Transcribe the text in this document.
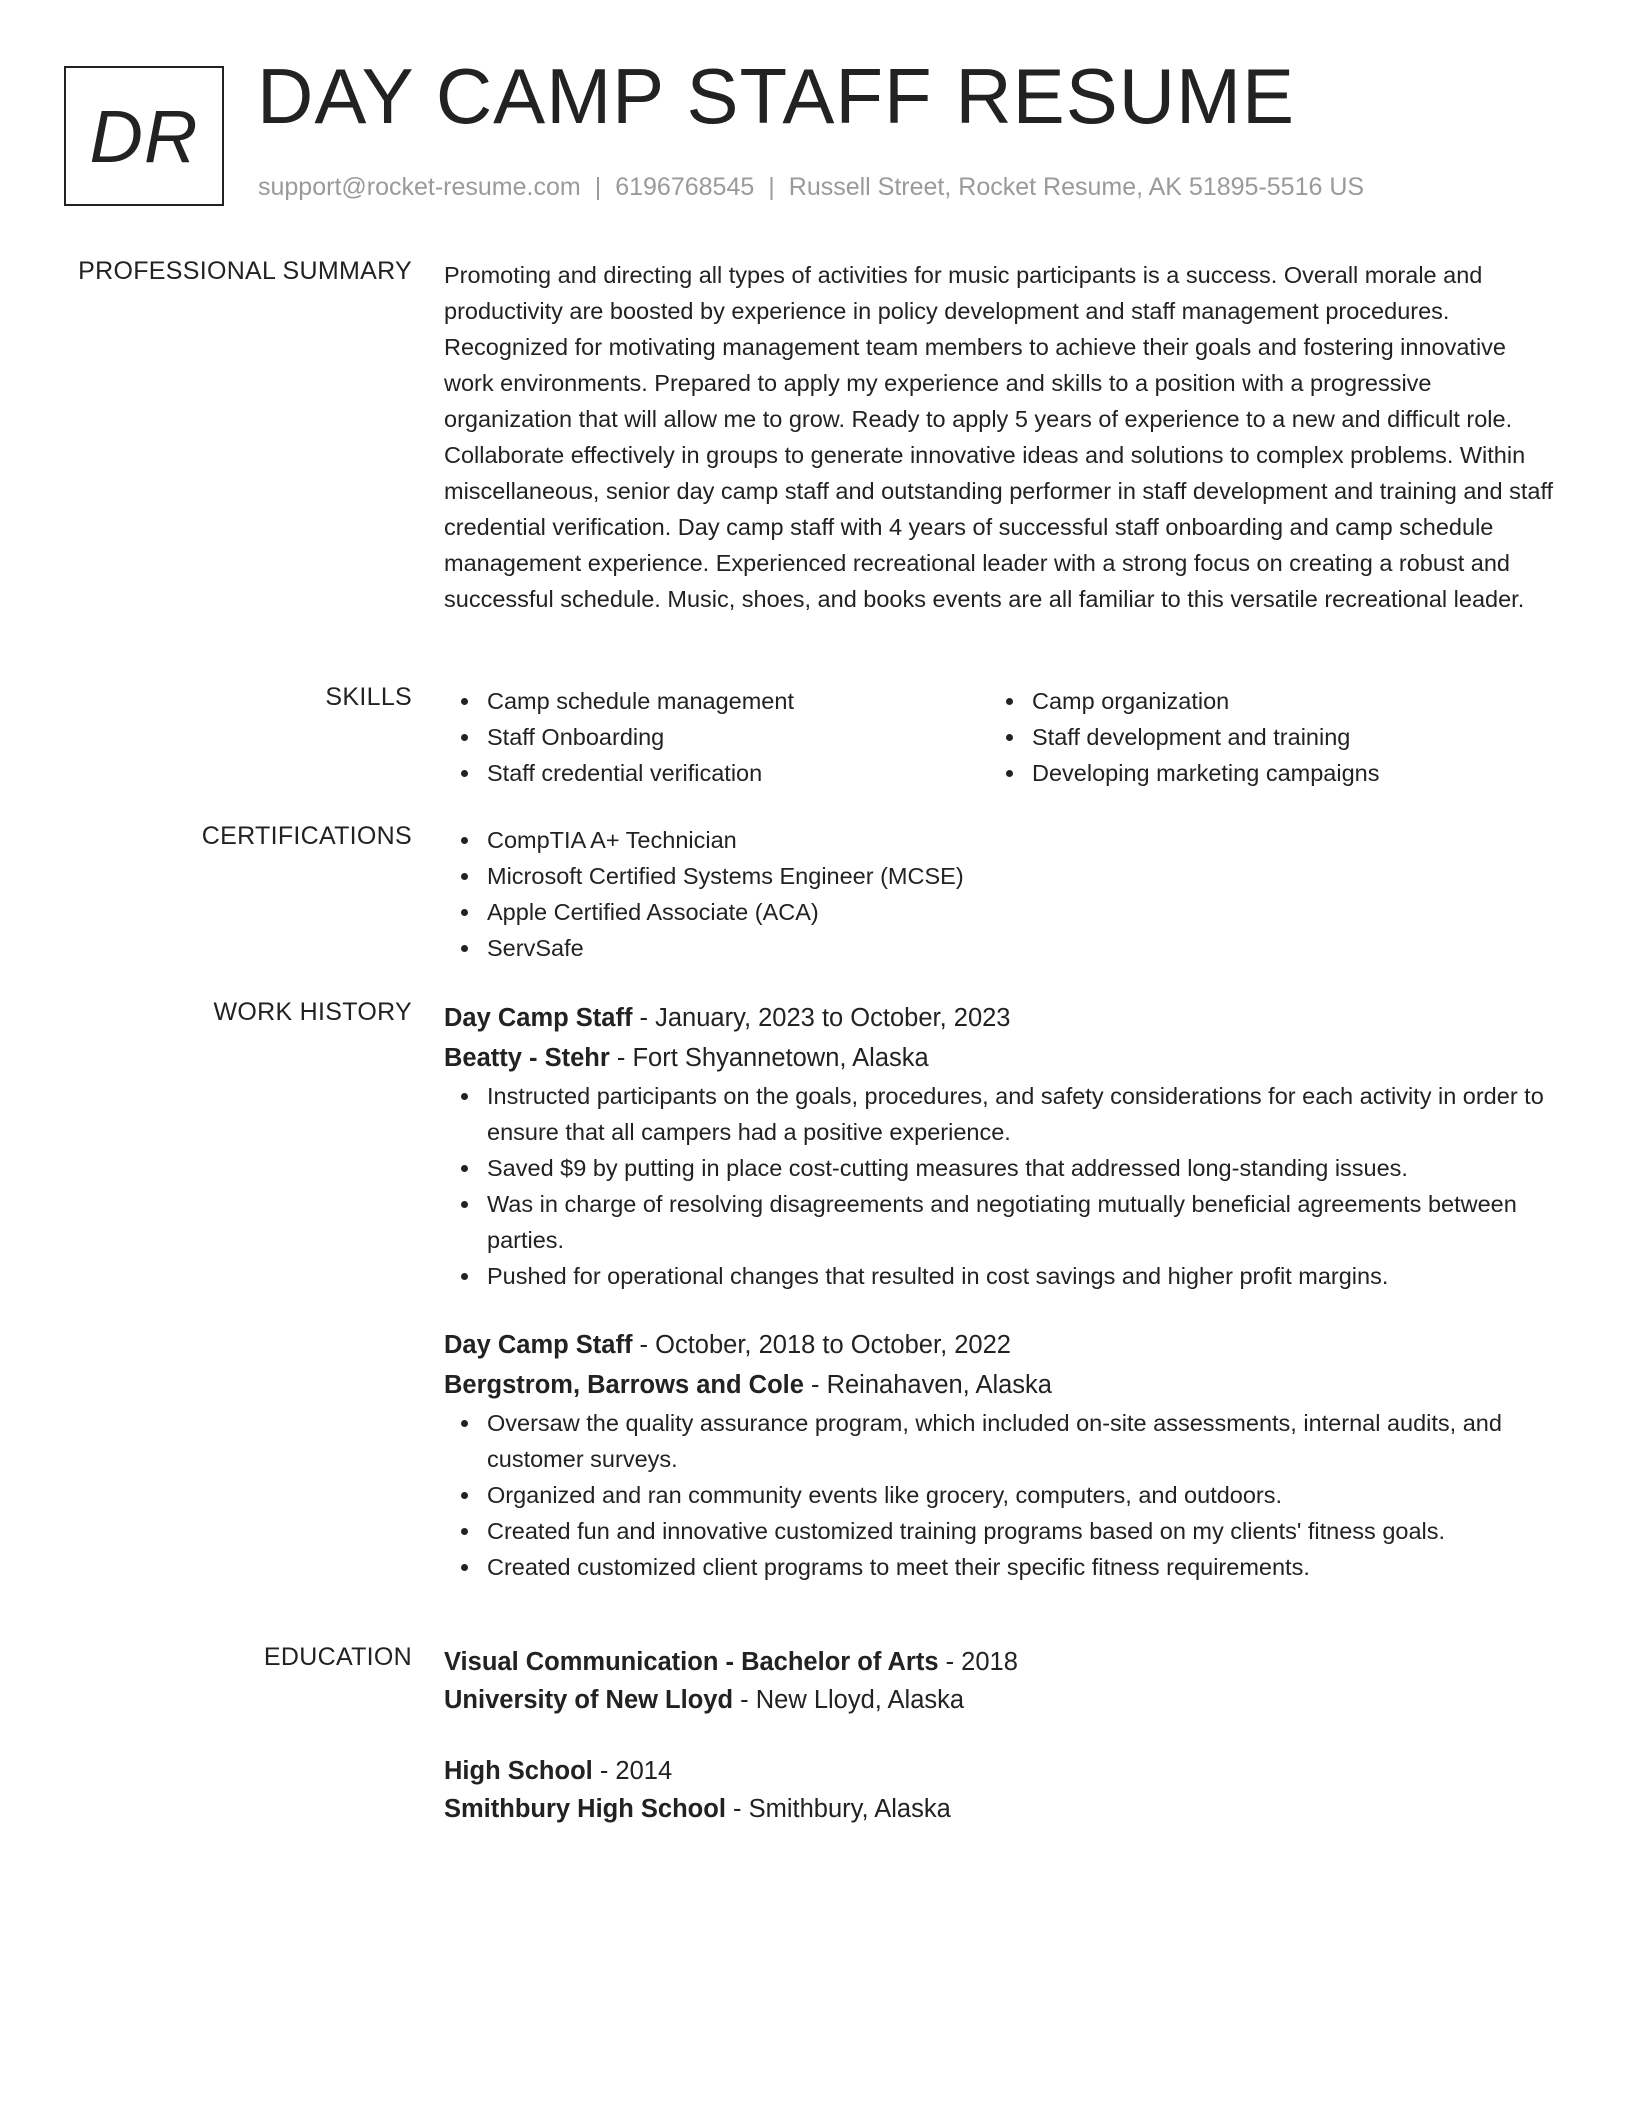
DR DAY CAMP STAFF RESUME
support@rocket-resume.com | 6196768545 | Russell Street, Rocket Resume, AK 51895-5516 US
PROFESSIONAL SUMMARY Promoting and directing all types of activities for music participants is a success. Overall morale and productivity are boosted by experience in policy development and staff management procedures. Recognized for motivating management team members to achieve their goals and fostering innovative work environments. Prepared to apply my experience and skills to a position with a progressive organization that will allow me to grow. Ready to apply 5 years of experience to a new and difficult role. Collaborate effectively in groups to generate innovative ideas and solutions to complex problems. Within miscellaneous, senior day camp staff and outstanding performer in staff development and training and staff credential verification. Day camp staff with 4 years of successful staff onboarding and camp schedule management experience. Experienced recreational leader with a strong focus on creating a robust and successful schedule. Music, shoes, and books events are all familiar to this versatile recreational leader.

SKILLS	Camp schedule management
Staff Onboarding
Staff credential verification
Camp organization
Staff development and training
Developing marketing campaigns
CERTIFICATIONS	CompTIA A+ Technician
Microsoft Certified Systems Engineer (MCSE)
Apple Certified Associate (ACA)
ServSafe
WORK HISTORY Day Camp Staff - January, 2023 to October, 2023
Beatty - Stehr - Fort Shyannetown, Alaska
Instructed participants on the goals, procedures, and safety considerations for each activity in order to ensure that all campers had a positive experience.
Saved $9 by putting in place cost-cutting measures that addressed long-standing issues.
Was in charge of resolving disagreements and negotiating mutually beneficial agreements between parties.
Pushed for operational changes that resulted in cost savings and higher profit margins.
Day Camp Staff - October, 2018 to October, 2022
Bergstrom, Barrows and Cole - Reinahaven, Alaska
Oversaw the quality assurance program, which included on-site assessments, internal audits, and customer surveys.
Organized and ran community events like grocery, computers, and outdoors.
Created fun and innovative customized training programs based on my clients' fitness goals.
Created customized client programs to meet their specific fitness requirements.
EDUCATION Visual Communication - Bachelor of Arts - 2018
University of New Lloyd - New Lloyd, Alaska
High School - 2014
Smithbury High School - Smithbury, Alaska
